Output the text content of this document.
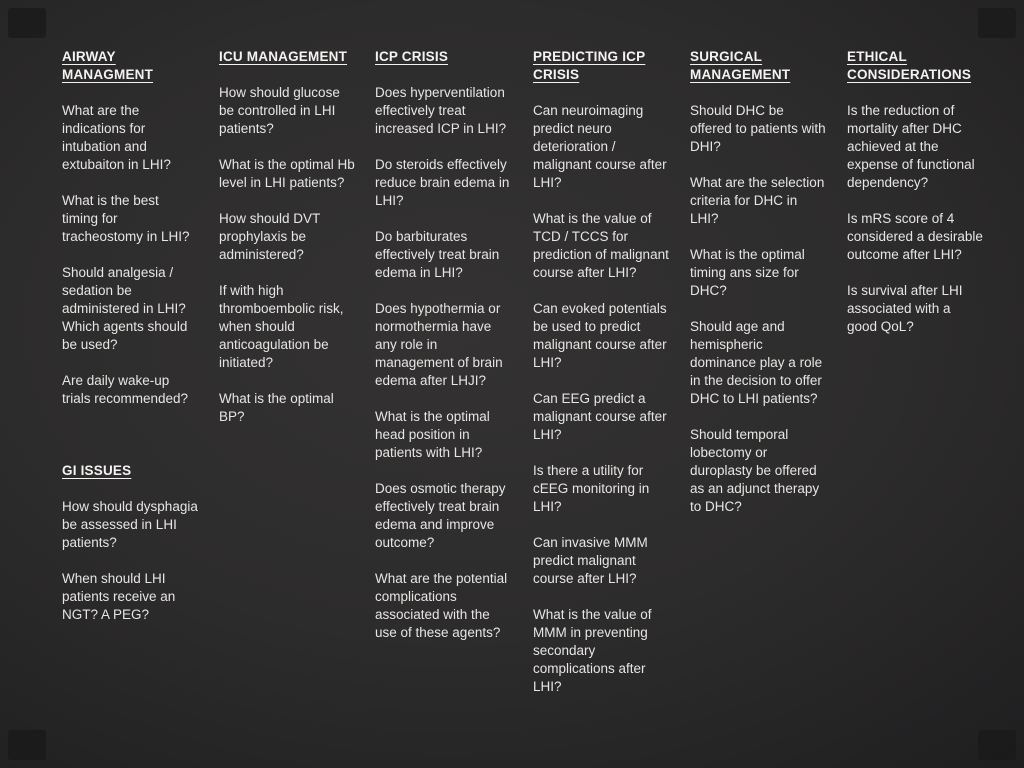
AIRWAY MANAGMENT

What are the indications for intubation and extubaiton in LHI?

What is the best timing for tracheostomy in LHI?

Should analgesia / sedation be administered in LHI? Which agents should be used?

Are daily wake-up trials recommended?

GI ISSUES

How should dysphagia be assessed in LHI patients?

When should LHI patients receive an NGT? A PEG?

ICU MANAGEMENT

How should glucose be controlled in LHI patients?

What is the optimal Hb level in LHI patients?

How should DVT prophylaxis be administered?

If with high thromboembolic risk, when should anticoagulation be initiated?

What is the optimal BP?

ICP CRISIS

Does hyperventilation effectively treat increased ICP in LHI?

Do steroids effectively reduce brain edema in LHI?

Do barbiturates effectively treat brain edema in LHI?

Does hypothermia or normothermia have any role in management of brain edema after LHJI?

What is the optimal head position in patients with LHI?

Does osmotic therapy effectively treat brain edema and improve outcome?

What are the potential complications associated with the use of these agents?

PREDICTING ICP CRISIS

Can neuroimaging predict neuro deterioration / malignant course after LHI?

What is the value of TCD / TCCS for prediction of malignant course after LHI?

Can evoked potentials be used to predict malignant course after LHI?

Can EEG predict a malignant course after LHI?

Is there a utility for cEEG monitoring in LHI?

Can invasive MMM predict malignant course after LHI?

What is the value of MMM in preventing secondary complications after LHI?

SURGICAL MANAGEMENT

Should DHC be offered to patients with DHI?

What are the selection criteria for DHC in LHI?

What is the optimal timing ans size for DHC?

Should age and hemispheric dominance play a role in the decision to offer DHC to LHI patients?

Should temporal lobectomy or duroplasty be offered as an adjunct therapy to DHC?

ETHICAL CONSIDERATIONS

Is the reduction of mortality after DHC achieved at the expense of functional dependency?

Is mRS score of 4 considered a desirable outcome after LHI?

Is survival after LHI associated with a good QoL?
